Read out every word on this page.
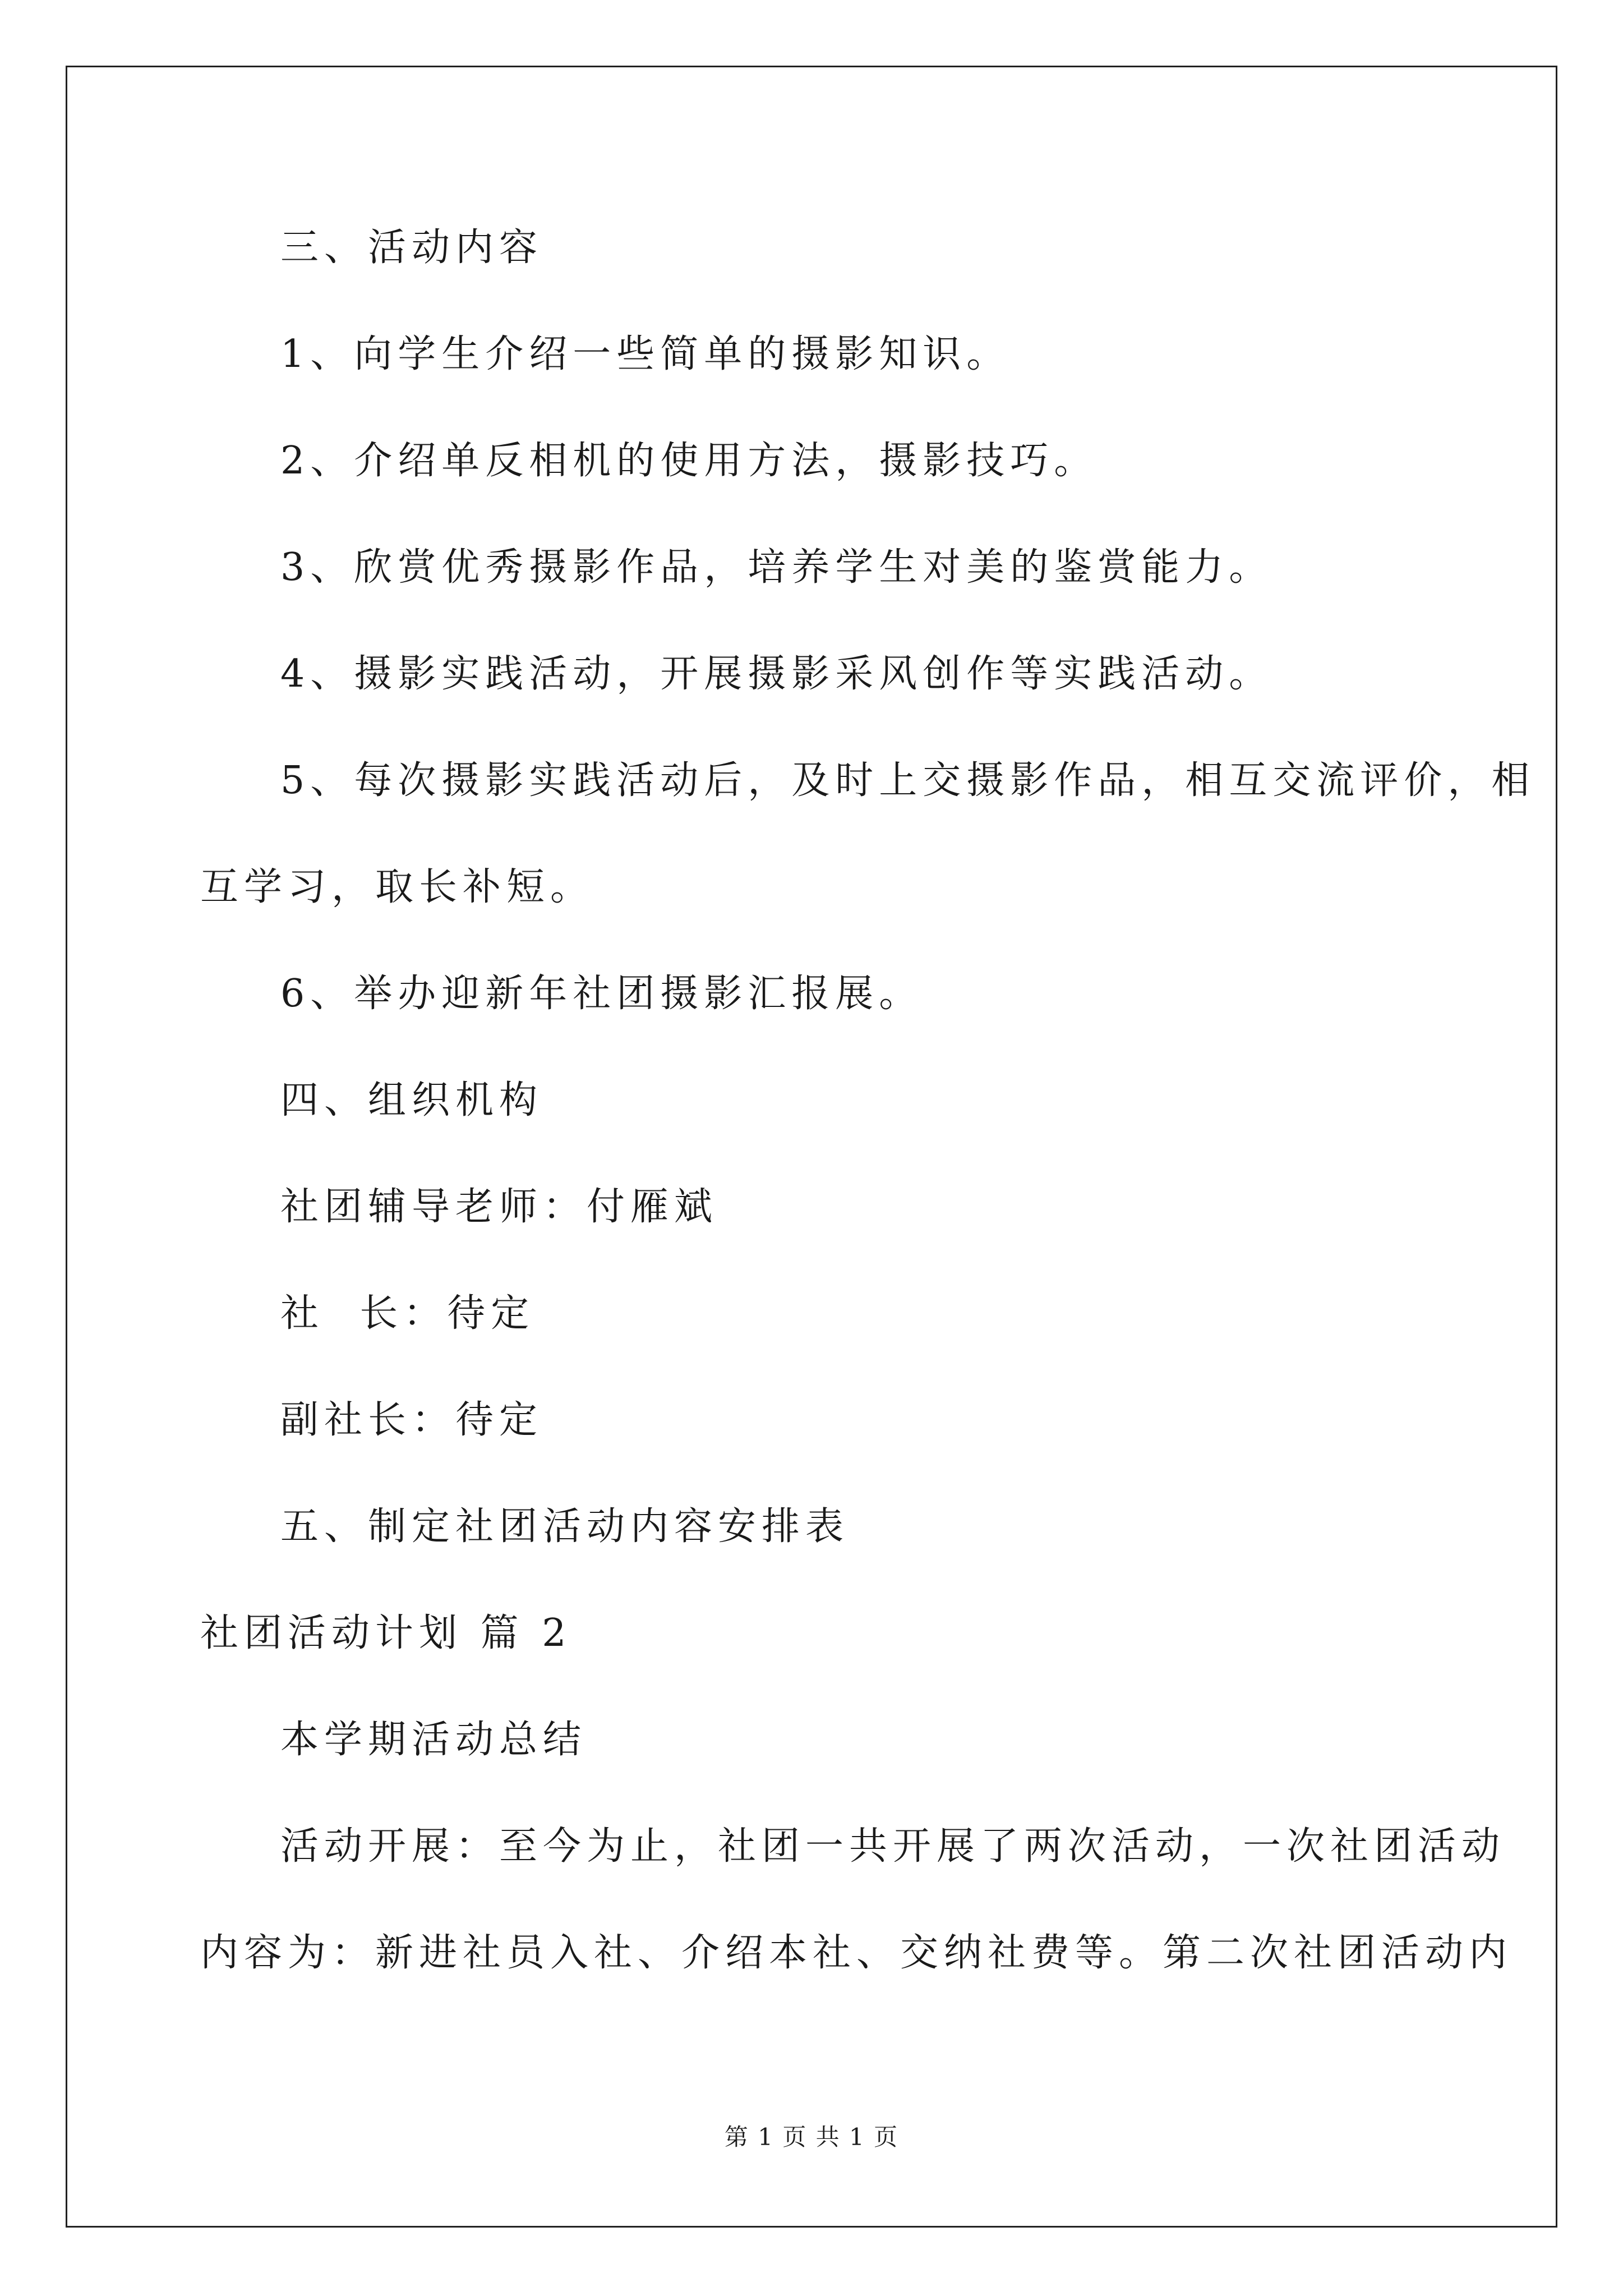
三、活动内容
1、向学生介绍一些简单的摄影知识。
2、介绍单反相机的使用方法，摄影技巧。
3、欣赏优秀摄影作品，培养学生对美的鉴赏能力。
4、摄影实践活动，开展摄影采风创作等实践活动。
5、每次摄影实践活动后，及时上交摄影作品，相互交流评价，相
互学习，取长补短。
6、举办迎新年社团摄影汇报展。
四、组织机构
社团辅导老师：付雁斌
社  长：待定
副社长：待定
五、制定社团活动内容安排表
社团活动计划 篇 2
本学期活动总结
活动开展：至今为止，社团一共开展了两次活动，一次社团活动
内容为：新进社员入社、介绍本社、交纳社费等。第二次社团活动内
第 1 页 共 1 页
